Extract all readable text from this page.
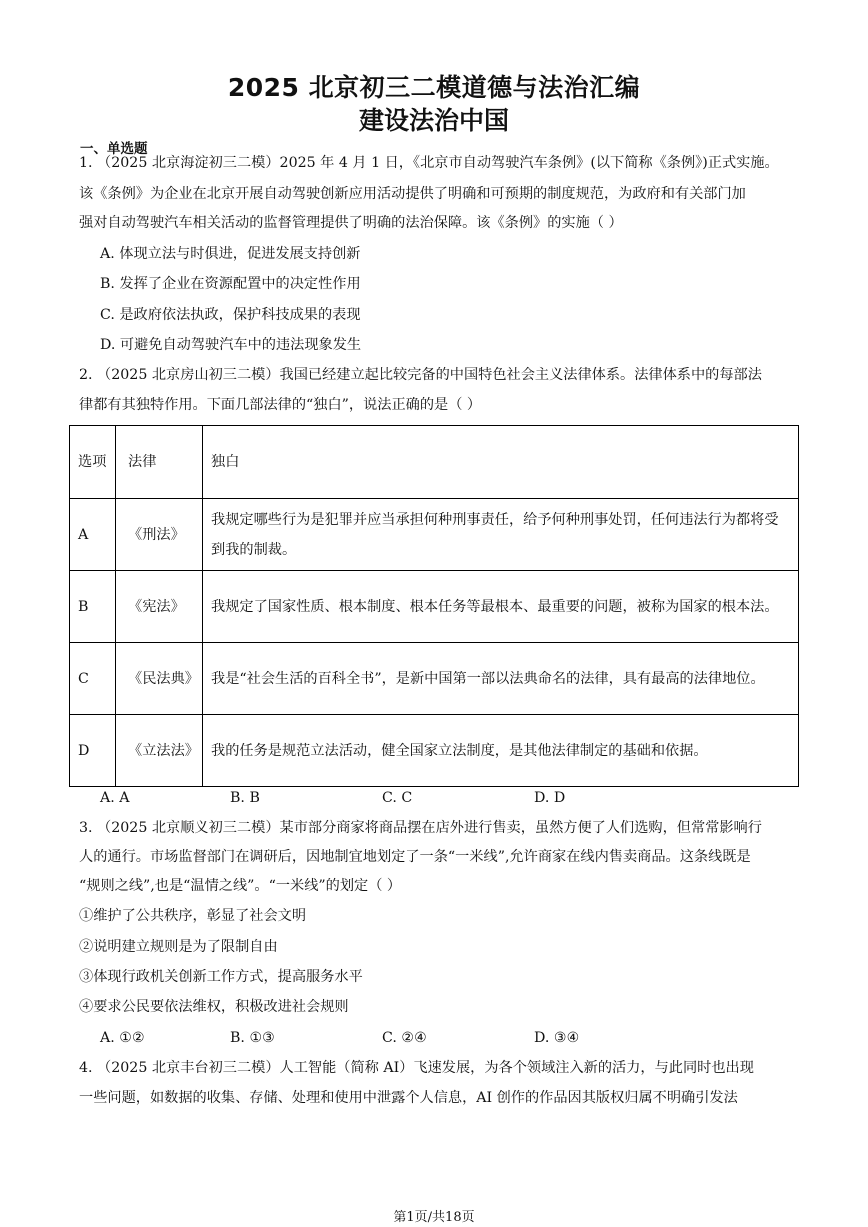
2025 北京初三二模道德与法治汇编
建设法治中国
一、单选题
1. （2025 北京海淀初三二模）2025 年 4 月 1 日，《北京市自动驾驶汽车条例》(以下简称《条例》)正式实施。
该《条例》为企业在北京开展自动驾驶创新应用活动提供了明确和可预期的制度规范，为政府和有关部门加
强对自动驾驶汽车相关活动的监督管理提供了明确的法治保障。该《条例》的实施（ ）
A. 体现立法与时俱进，促进发展支持创新
B. 发挥了企业在资源配置中的决定性作用
C. 是政府依法执政，保护科技成果的表现
D. 可避免自动驾驶汽车中的违法现象发生
2. （2025 北京房山初三二模）我国已经建立起比较完备的中国特色社会主义法律体系。法律体系中的每部法
律都有其独特作用。下面几部法律的“独白”，说法正确的是（ ）
选项	法律	独白
A	《刑法》	我规定哪些行为是犯罪并应当承担何种刑事责任，给予何种刑事处罚，任何违法行为都将受到我的制裁。
B	《宪法》	我规定了国家性质、根本制度、根本任务等最根本、最重要的问题，被称为国家的根本法。
C	《民法典》	我是“社会生活的百科全书”，是新中国第一部以法典命名的法律，具有最高的法律地位。
D	《立法法》	我的任务是规范立法活动，健全国家立法制度，是其他法律制定的基础和依据。
A. A	B. B	C. C	D. D
3. （2025 北京顺义初三二模）某市部分商家将商品摆在店外进行售卖，虽然方便了人们选购，但常常影响行
人的通行。市场监督部门在调研后，因地制宜地划定了一条“一米线”,允许商家在线内售卖商品。这条线既是
“规则之线”,也是“温情之线”。“一米线”的划定（ ）
①维护了公共秩序，彰显了社会文明
②说明建立规则是为了限制自由
③体现行政机关创新工作方式，提高服务水平
④要求公民要依法维权，积极改进社会规则
A. ①②	B. ①③	C. ②④	D. ③④
4. （2025 北京丰台初三二模）人工智能（简称 AI）飞速发展，为各个领域注入新的活力，与此同时也出现
一些问题，如数据的收集、存储、处理和使用中泄露个人信息，AI 创作的作品因其版权归属不明确引发法
第1页/共18页
